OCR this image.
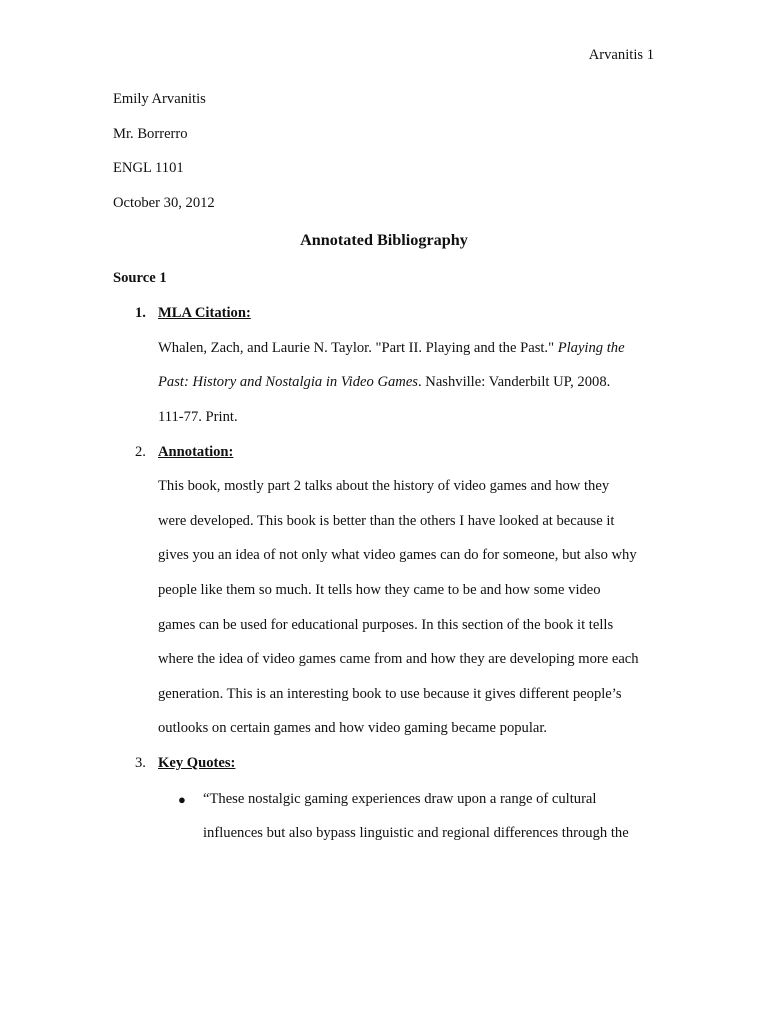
Arvanitis 1
Emily Arvanitis
Mr. Borrerro
ENGL 1101
October 30, 2012
Annotated Bibliography
Source 1
1. MLA Citation:
Whalen, Zach, and Laurie N. Taylor. "Part II. Playing and the Past." Playing the
Past: History and Nostalgia in Video Games. Nashville: Vanderbilt UP, 2008.
111-77. Print.
2. Annotation:
This book, mostly part 2 talks about the history of video games and how they
were developed. This book is better than the others I have looked at because it
gives you an idea of not only what video games can do for someone, but also why
people like them so much. It tells how they came to be and how some video
games can be used for educational purposes. In this section of the book it tells
where the idea of video games came from and how they are developing more each
generation. This is an interesting book to use because it gives different people’s
outlooks on certain games and how video gaming became popular.
3. Key Quotes:
● “These nostalgic gaming experiences draw upon a range of cultural
influences but also bypass linguistic and regional differences through the
